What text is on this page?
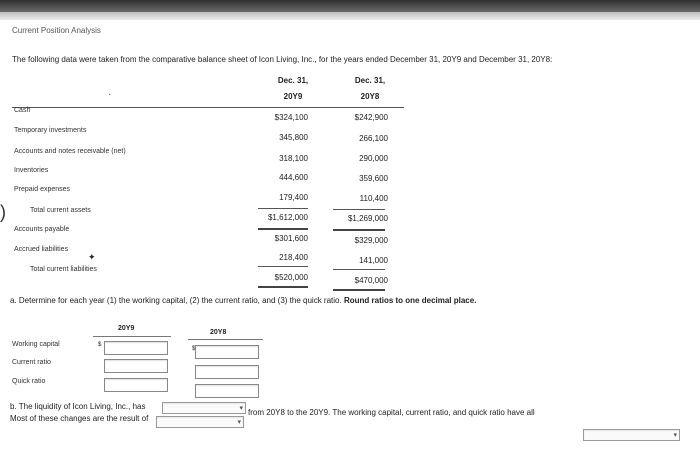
Current Position Analysis
The following data were taken from the comparative balance sheet of Icon Living, Inc., for the years ended December 31, 20Y9 and December 31, 20Y8:
Dec. 31,
20Y9
Dec. 31,
20Y8
·
Cash
Temporary investments
Accounts and notes receivable (net)
Inventories
Prepaid expenses
Total current assets
Accounts payable
Accrued liabilities
Total current liabilities
)
✦
$324,100
345,800
318,100
444,600
179,400
$1,612,000
$301,600
218,400
$520,000
$242,900
266,100
290,000
359,600
110,400
$1,269,000
$329,000
141,000
$470,000
a. Determine for each year (1) the working capital, (2) the current ratio, and (3) the quick ratio. Round ratios to one decimal place.
20Y9
20Y8
Working capital
Current ratio
Quick ratio
$
$
b. The liquidity of Icon Living, Inc., has	▾ from 20Y8 to the 20Y9. The working capital, current ratio, and quick ratio have all
▾
Most of these changes are the result of	▾
